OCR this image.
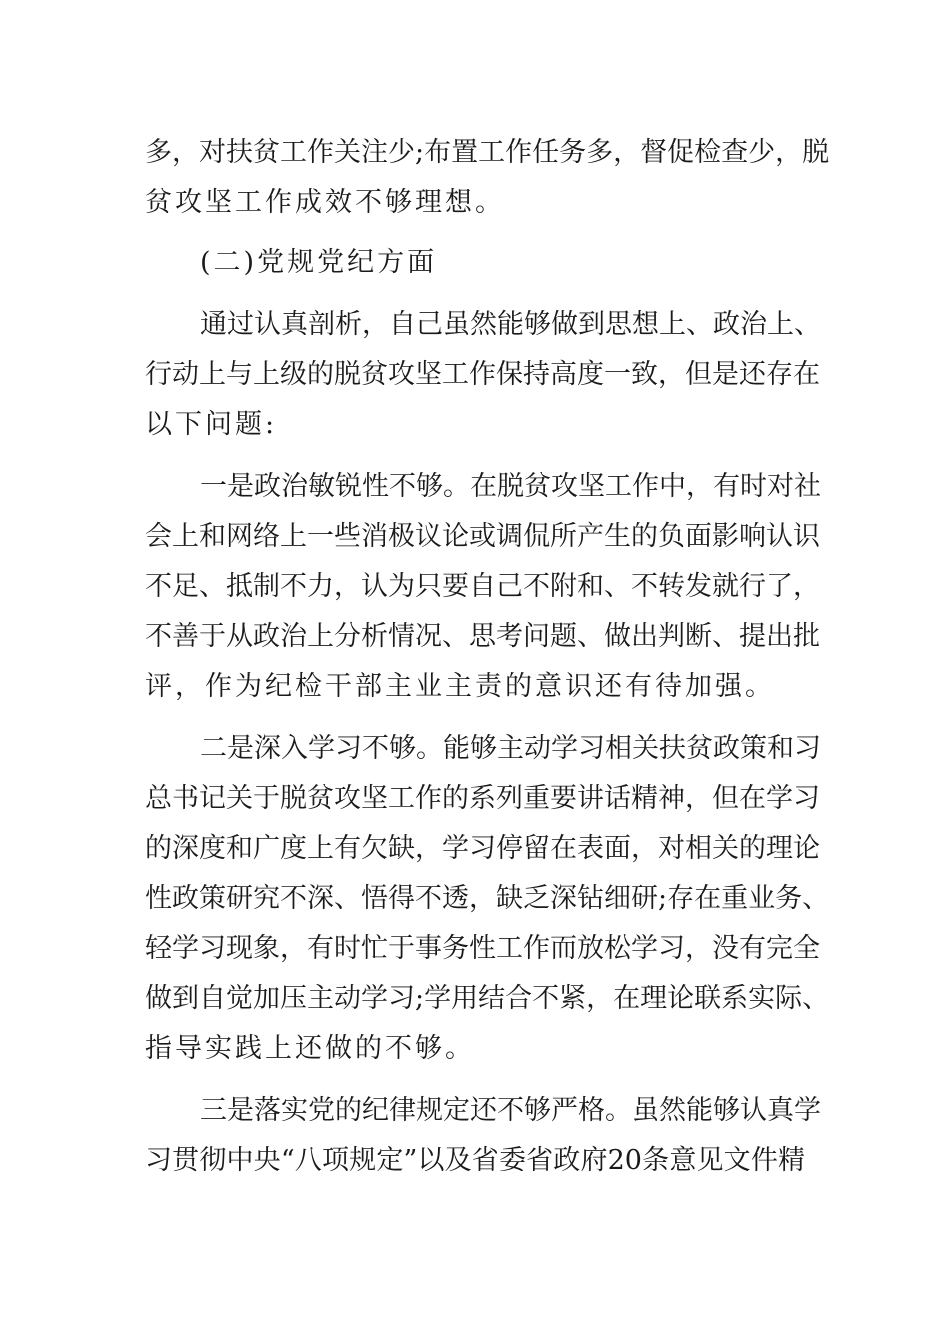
多，对扶贫工作关注少;布置工作任务多，督促检查少，脱
贫攻坚工作成效不够理想。
(二)党规党纪方面
通过认真剖析，自己虽然能够做到思想上、政治上、
行动上与上级的脱贫攻坚工作保持高度一致，但是还存在
以下问题:
一是政治敏锐性不够。在脱贫攻坚工作中，有时对社
会上和网络上一些消极议论或调侃所产生的负面影响认识
不足、抵制不力，认为只要自己不附和、不转发就行了，
不善于从政治上分析情况、思考问题、做出判断、提出批
评，作为纪检干部主业主责的意识还有待加强。
二是深入学习不够。能够主动学习相关扶贫政策和习
总书记关于脱贫攻坚工作的系列重要讲话精神，但在学习
的深度和广度上有欠缺，学习停留在表面，对相关的理论
性政策研究不深、悟得不透，缺乏深钻细研;存在重业务、
轻学习现象，有时忙于事务性工作而放松学习，没有完全
做到自觉加压主动学习;学用结合不紧，在理论联系实际、
指导实践上还做的不够。
三是落实党的纪律规定还不够严格。虽然能够认真学
习贯彻中央“八项规定”以及省委省政府20条意见文件精
